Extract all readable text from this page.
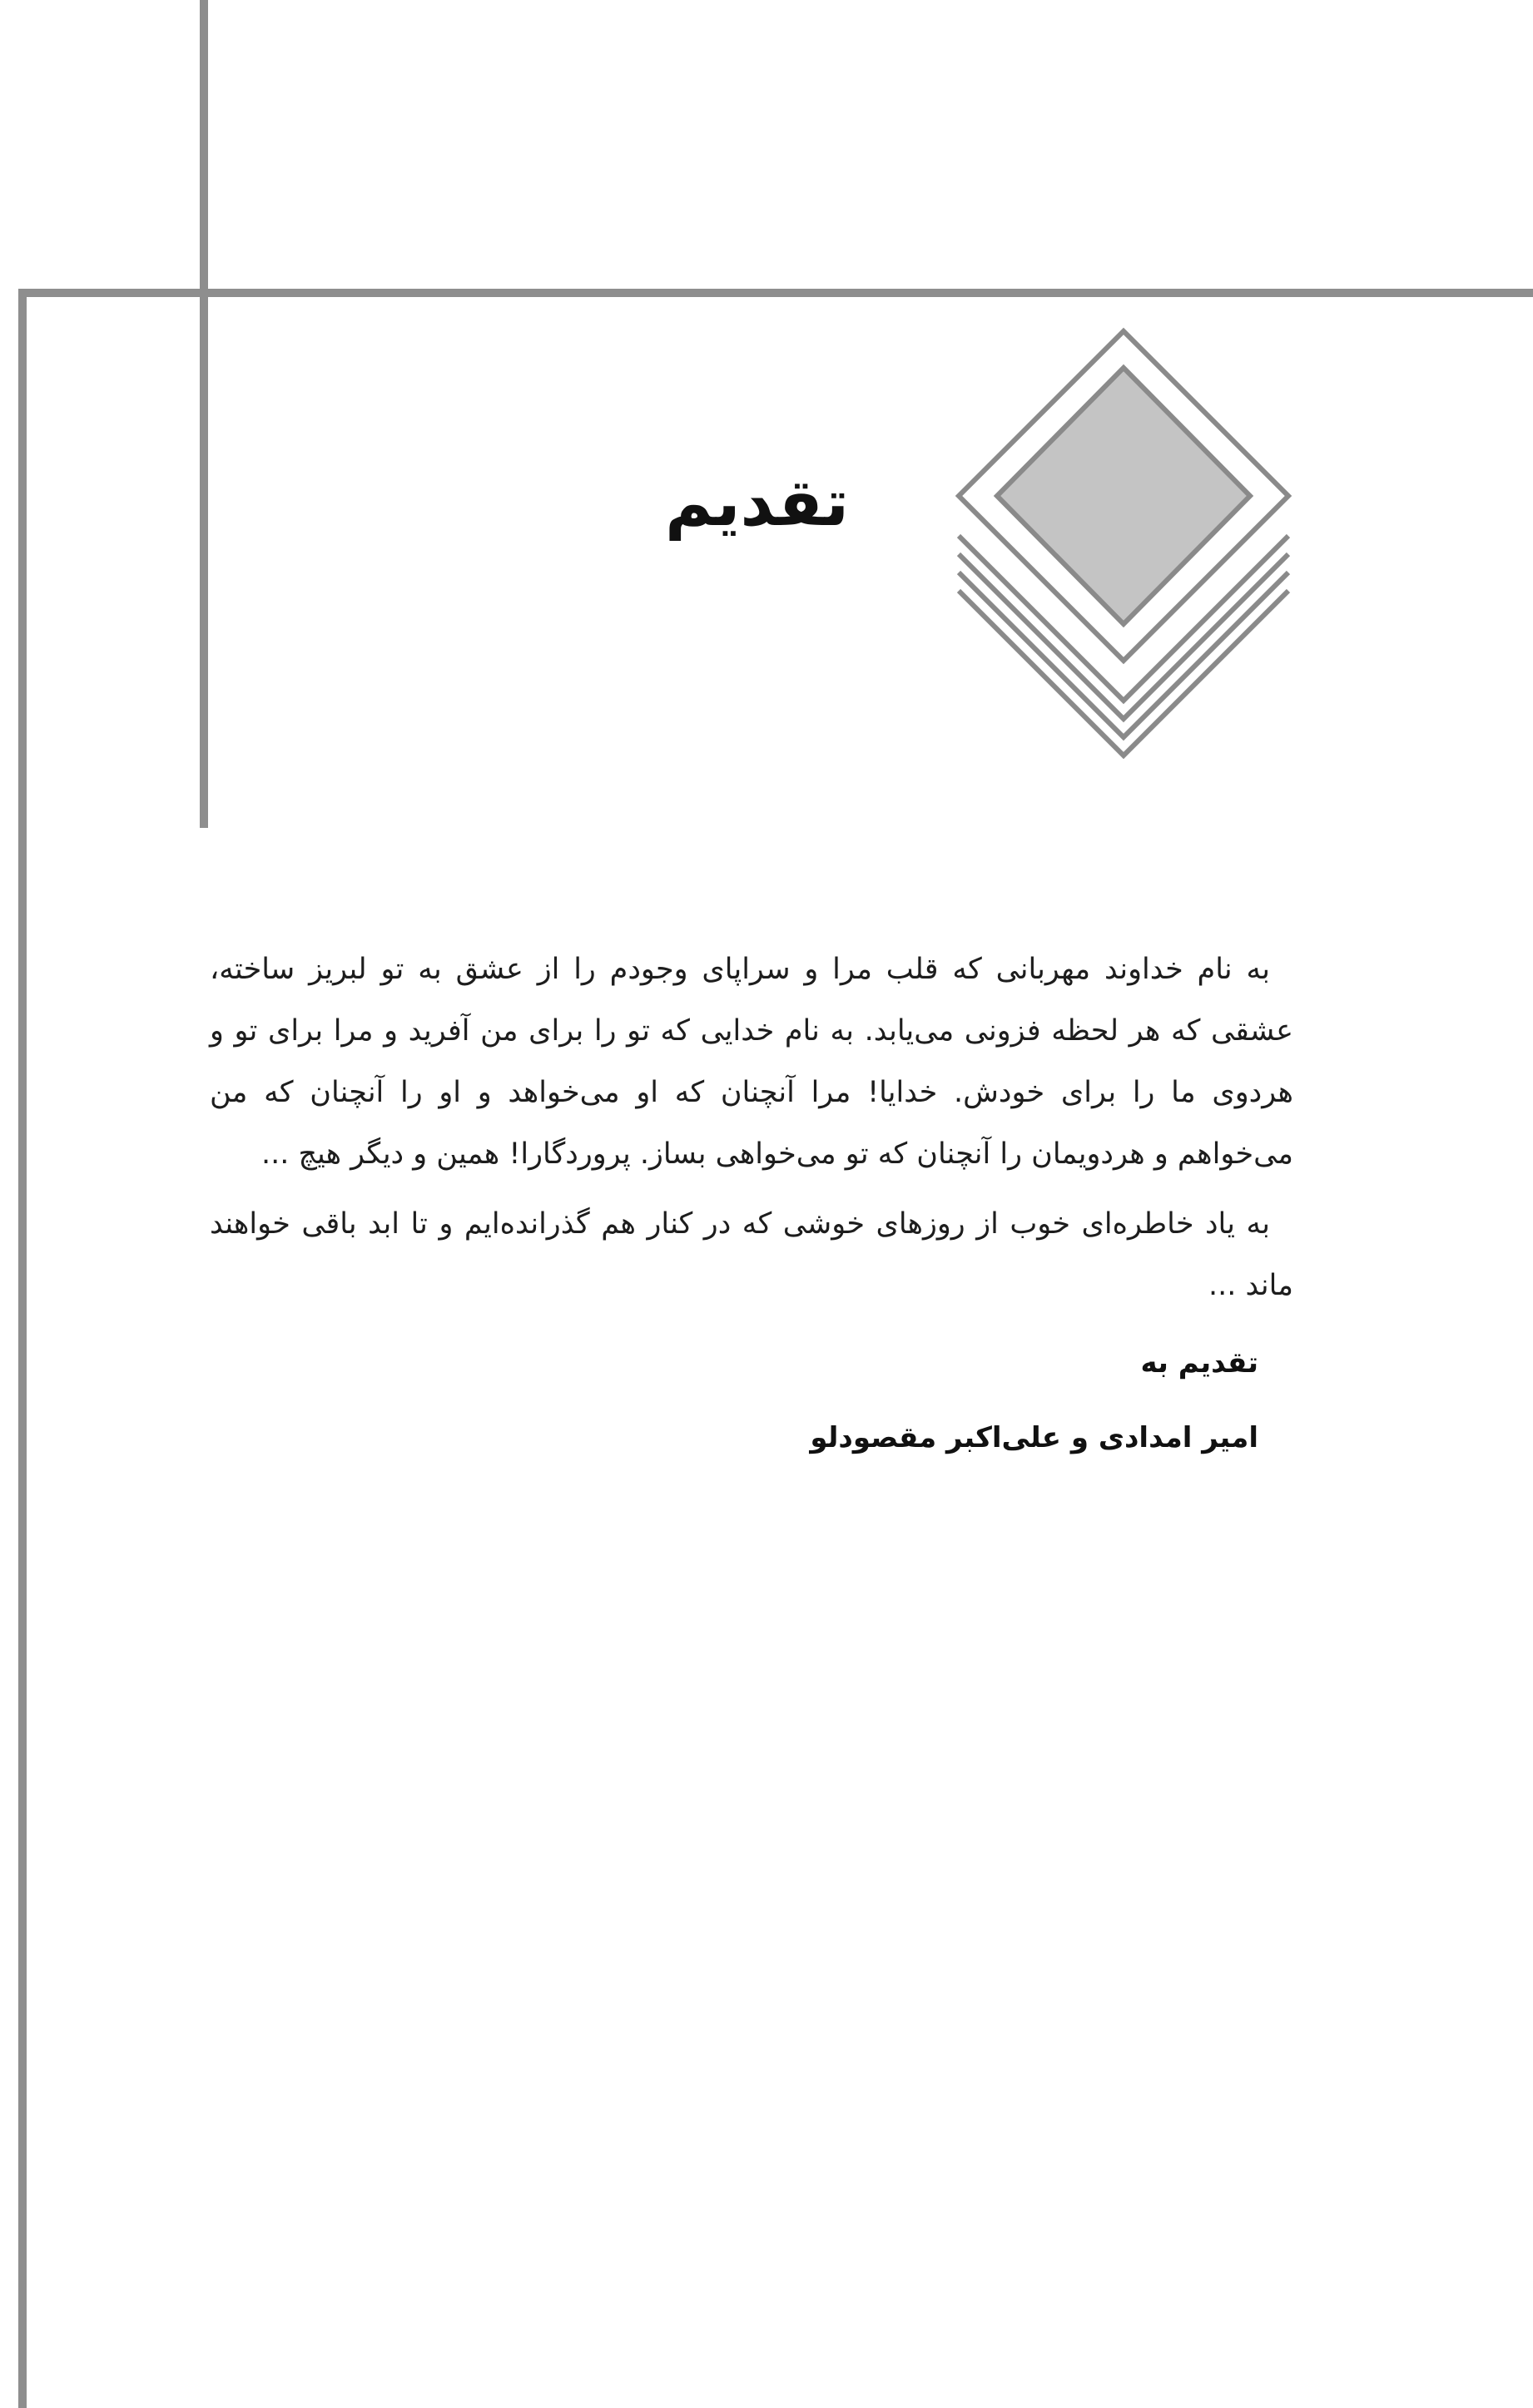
تقدیم

به نام خداوند مهربانی که قلب مرا و سراپای وجودم را از عشق به تو لبریز ساخته، عشقی که هر لحظه فزونی می‌یابد. به نام خدایی که تو را برای من آفرید و مرا برای تو و هردوی ما را برای خودش. خدایا! مرا آنچنان که او می‌خواهد و او را آنچنان که من می‌خواهم و هردویمان را آنچنان که تو می‌خواهی بساز. پروردگارا! همین و دیگر هیچ ...

به یاد خاطره‌ای خوب از روزهای خوشی که در کنار هم گذرانده‌ایم و تا ابد باقی خواهند ماند ...

تقدیم به

امیر امدادی و علی‌اکبر مقصودلو
